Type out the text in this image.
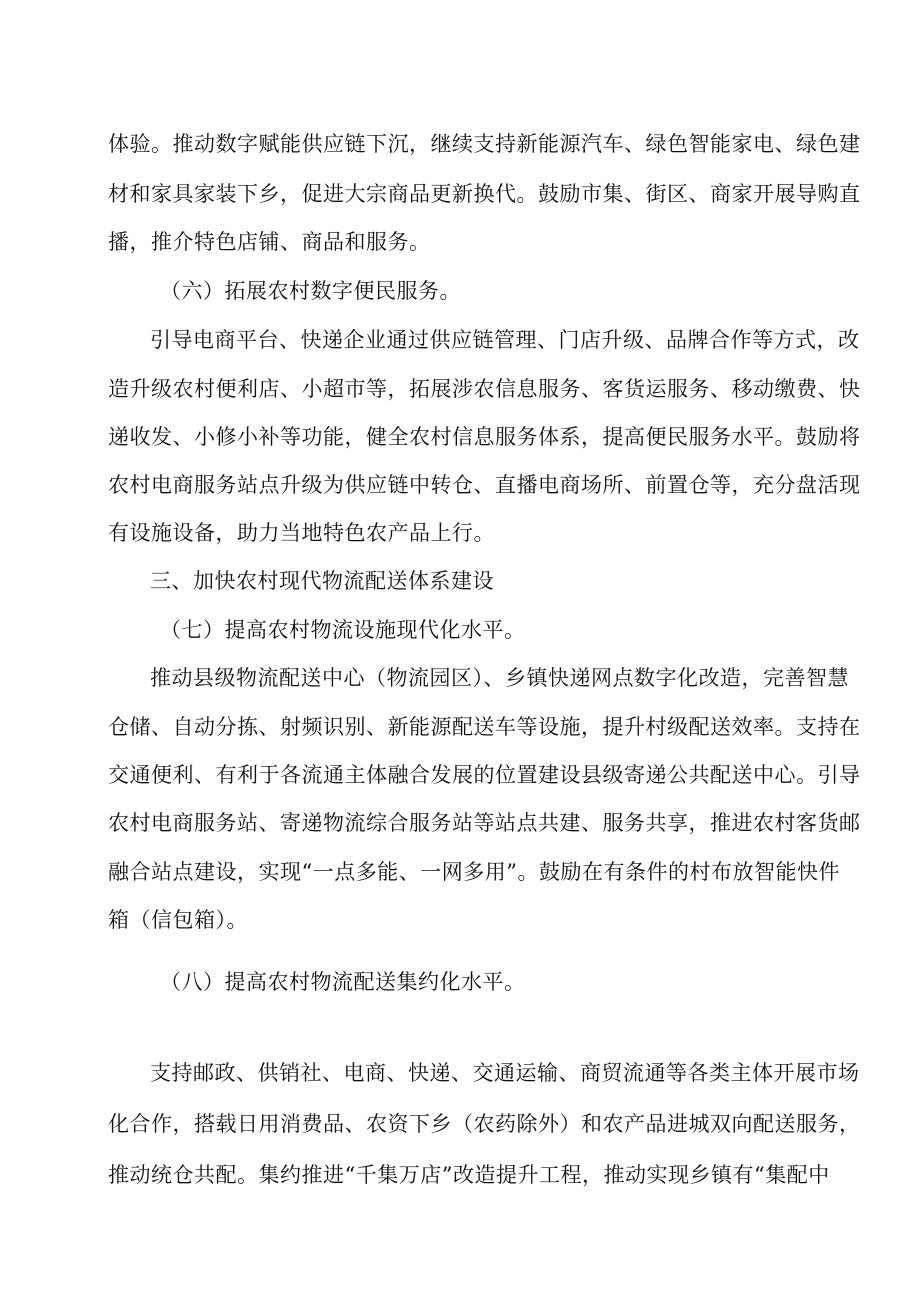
体验。推动数字赋能供应链下沉，继续支持新能源汽车、绿色智能家电、绿色建
材和家具家装下乡，促进大宗商品更新换代。鼓励市集、街区、商家开展导购直
播，推介特色店铺、商品和服务。
（六）拓展农村数字便民服务。
引导电商平台、快递企业通过供应链管理、门店升级、品牌合作等方式，改
造升级农村便利店、小超市等，拓展涉农信息服务、客货运服务、移动缴费、快
递收发、小修小补等功能，健全农村信息服务体系，提高便民服务水平。鼓励将
农村电商服务站点升级为供应链中转仓、直播电商场所、前置仓等，充分盘活现
有设施设备，助力当地特色农产品上行。
三、加快农村现代物流配送体系建设
（七）提高农村物流设施现代化水平。
推动县级物流配送中心（物流园区）、乡镇快递网点数字化改造，完善智慧
仓储、自动分拣、射频识别、新能源配送车等设施，提升村级配送效率。支持在
交通便利、有利于各流通主体融合发展的位置建设县级寄递公共配送中心。引导
农村电商服务站、寄递物流综合服务站等站点共建、服务共享，推进农村客货邮
融合站点建设，实现“一点多能、一网多用”。鼓励在有条件的村布放智能快件
箱（信包箱）。
（八）提高农村物流配送集约化水平。
支持邮政、供销社、电商、快递、交通运输、商贸流通等各类主体开展市场
化合作，搭载日用消费品、农资下乡（农药除外）和农产品进城双向配送服务，
推动统仓共配。集约推进“千集万店”改造提升工程，推动实现乡镇有“集配中
